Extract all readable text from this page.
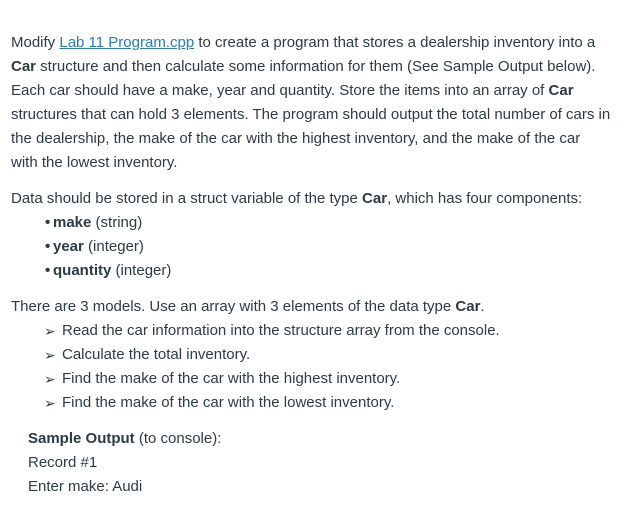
Modify Lab 11 Program.cpp to create a program that stores a dealership inventory into a Car structure and then calculate some information for them (See Sample Output below). Each car should have a make, year and quantity. Store the items into an array of Car structures that can hold 3 elements. The program should output the total number of cars in the dealership, the make of the car with the highest inventory, and the make of the car with the lowest inventory.

Data should be stored in a struct variable of the type Car, which has four components:

• make (string)
• year (integer)
• quantity (integer)

There are 3 models. Use an array with 3 elements of the data type Car.

➢ Read the car information into the structure array from the console.
➢ Calculate the total inventory.
➢ Find the make of the car with the highest inventory.
➢ Find the make of the car with the lowest inventory.
Sample Output (to console):
Record #1
Enter make: Audi
